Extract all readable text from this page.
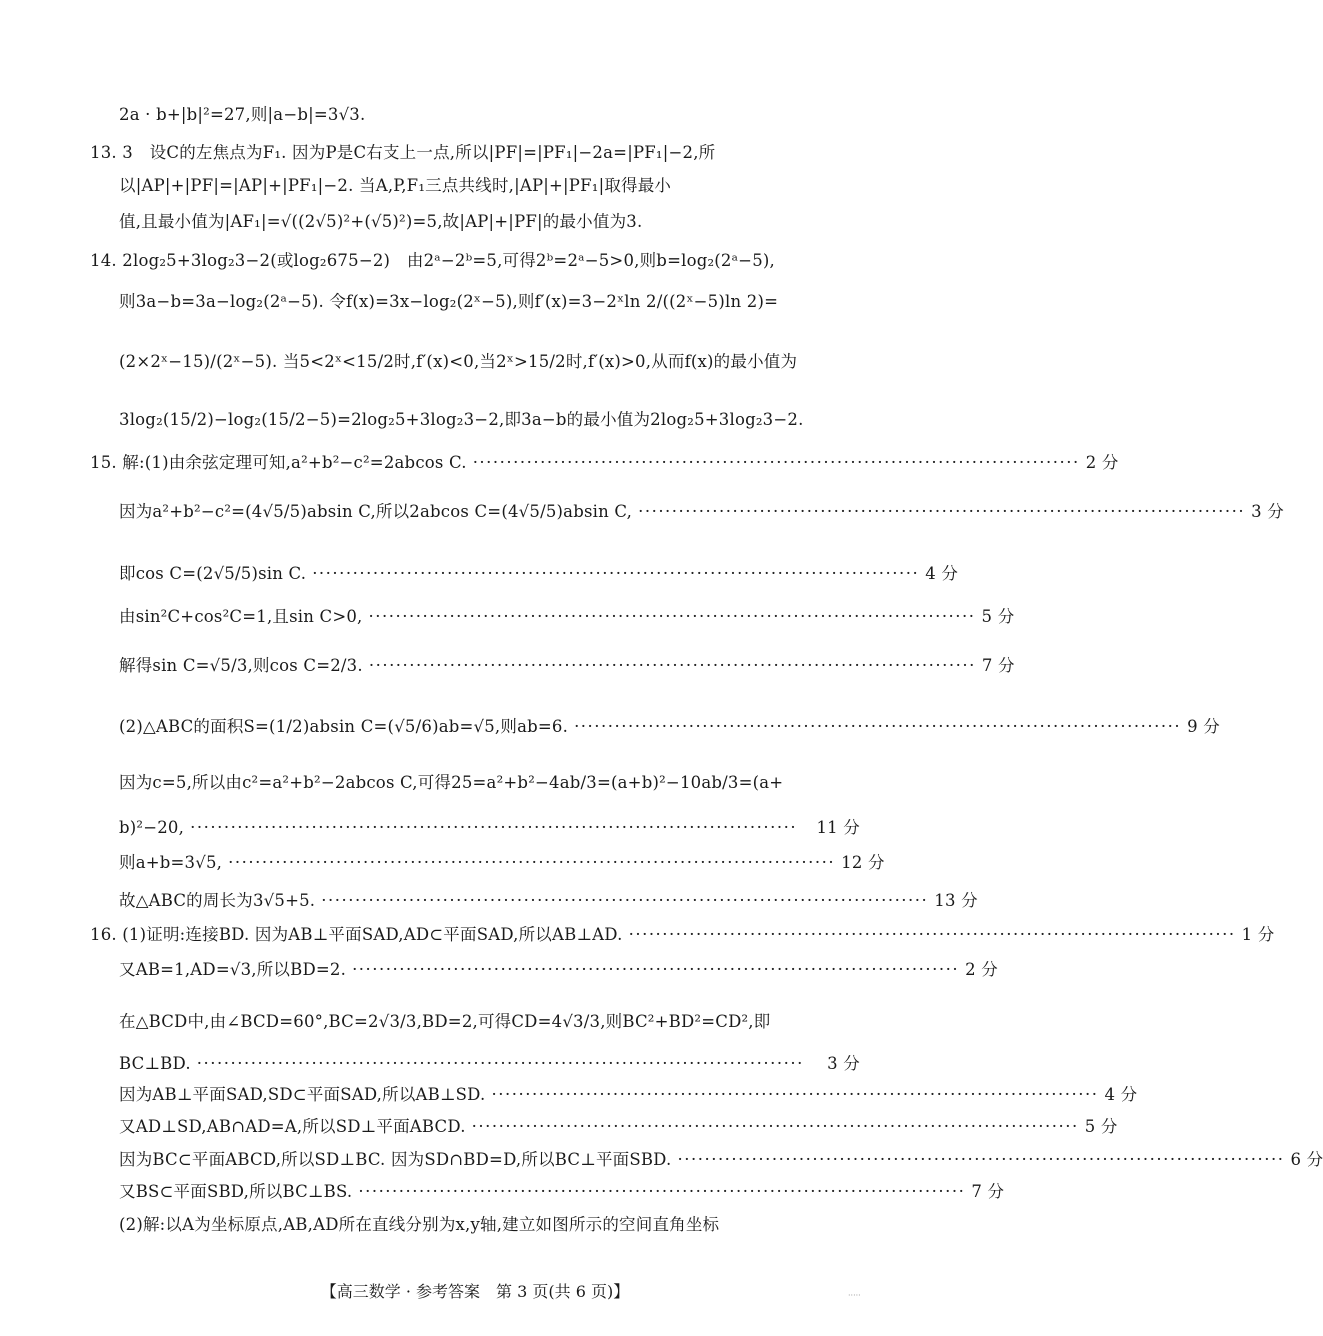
2a · b+|b|²=27,则|a−b|=3√3.
13. 3　设C的左焦点为F₁. 因为P是C右支上一点,所以|PF|=|PF₁|−2a=|PF₁|−2,所
以|AP|+|PF|=|AP|+|PF₁|−2. 当A,P,F₁三点共线时,|AP|+|PF₁|取得最小
值,且最小值为|AF₁|=√((2√5)²+(√5)²)=5,故|AP|+|PF|的最小值为3.
14. 2log₂5+3log₂3−2(或log₂675−2)　由2ᵃ−2ᵇ=5,可得2ᵇ=2ᵃ−5>0,则b=log₂(2ᵃ−5),
则3a−b=3a−log₂(2ᵃ−5). 令f(x)=3x−log₂(2ˣ−5),则f′(x)=3−2ˣln 2/((2ˣ−5)ln 2)=
(2×2ˣ−15)/(2ˣ−5). 当5<2ˣ<15/2时,f′(x)<0,当2ˣ>15/2时,f′(x)>0,从而f(x)的最小值为
3log₂(15/2)−log₂(15/2−5)=2log₂5+3log₂3−2,即3a−b的最小值为2log₂5+3log₂3−2.
15. 解:(1)由余弦定理可知,a²+b²−c²=2abcos C. ·························································································· 2 分
因为a²+b²−c²=(4√5/5)absin C,所以2abcos C=(4√5/5)absin C, ·························································································· 3 分
即cos C=(2√5/5)sin C. ·························································································· 4 分
由sin²C+cos²C=1,且sin C>0, ·························································································· 5 分
解得sin C=√5/3,则cos C=2/3. ·························································································· 7 分
(2)△ABC的面积S=(1/2)absin C=(√5/6)ab=√5,则ab=6. ·························································································· 9 分
因为c=5,所以由c²=a²+b²−2abcos C,可得25=a²+b²−4ab/3=(a+b)²−10ab/3=(a+
b)²−20, ··························································································	11 分
则a+b=3√5, ·························································································· 12 分
故△ABC的周长为3√5+5. ·························································································· 13 分
16. (1)证明:连接BD. 因为AB⊥平面SAD,AD⊂平面SAD,所以AB⊥AD. ·························································································· 1 分
又AB=1,AD=√3,所以BD=2. ·························································································· 2 分
在△BCD中,由∠BCD=60°,BC=2√3/3,BD=2,可得CD=4√3/3,则BC²+BD²=CD²,即
BC⊥BD. ··························································································	3 分
因为AB⊥平面SAD,SD⊂平面SAD,所以AB⊥SD. ·························································································· 4 分
又AD⊥SD,AB∩AD=A,所以SD⊥平面ABCD. ·························································································· 5 分
因为BC⊂平面ABCD,所以SD⊥BC. 因为SD∩BD=D,所以BC⊥平面SBD. ·························································································· 6 分
又BS⊂平面SBD,所以BC⊥BS. ·························································································· 7 分
(2)解:以A为坐标原点,AB,AD所在直线分别为x,y轴,建立如图所示的空间直角坐标
【高三数学 · 参考答案　第 3 页(共 6 页)】	·····
